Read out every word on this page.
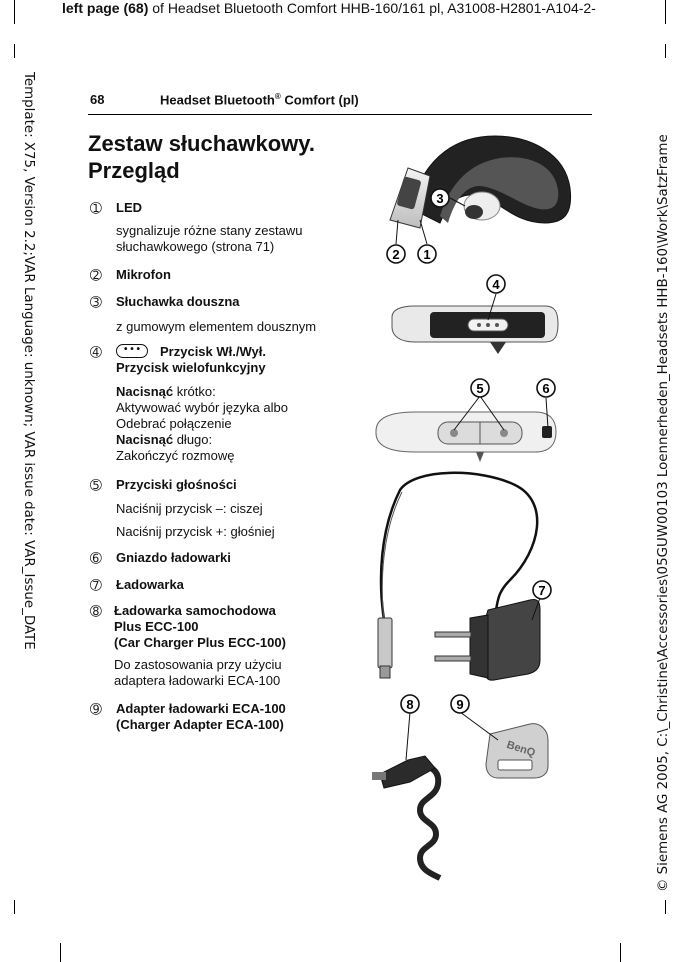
left page (68) of Headset Bluetooth Comfort HHB-160/161 pl, A31008-H2801-A104-2-
Template: X75, Version 2.2;VAR Language: unknown; VAR issue date: VAR_Issue_DATE	© Siemens AG 2005, C:\_Christine\Accessories\05GUW00103 Loennerheden_Headsets HHB-160\Work\SatzFrame
68	Headset Bluetooth® Comfort (pl)
Zestaw słuchawkowy.
Przegląd
➀	LED
sygnalizuje różne stany zestawu
słuchawkowego (strona 71)
➁	Mikrofon
➂	Słuchawka douszna
z gumowym elementem dousznym
➃	• • • Przycisk Wł./Wył.
Przycisk wielofunkcyjny
Nacisnąć krótko:
Aktywować wybór języka albo
Odebrać połączenie
Nacisnąć długo:
Zakończyć rozmowę
➄	Przyciski głośności
Naciśnij przycisk –: ciszej
Naciśnij przycisk +: głośniej
➅	Gniazdo ładowarki
➆	Ładowarka
➇ Ładowarka samochodowa
Plus ECC-100
(Car Charger Plus ECC-100)
Do zastosowania przy użyciu
adaptera ładowarki ECA-100
➈	Adapter ładowarki ECA-100
(Charger Adapter ECA-100)
2 1
3
4
5	6
7
BenQ
8	9
